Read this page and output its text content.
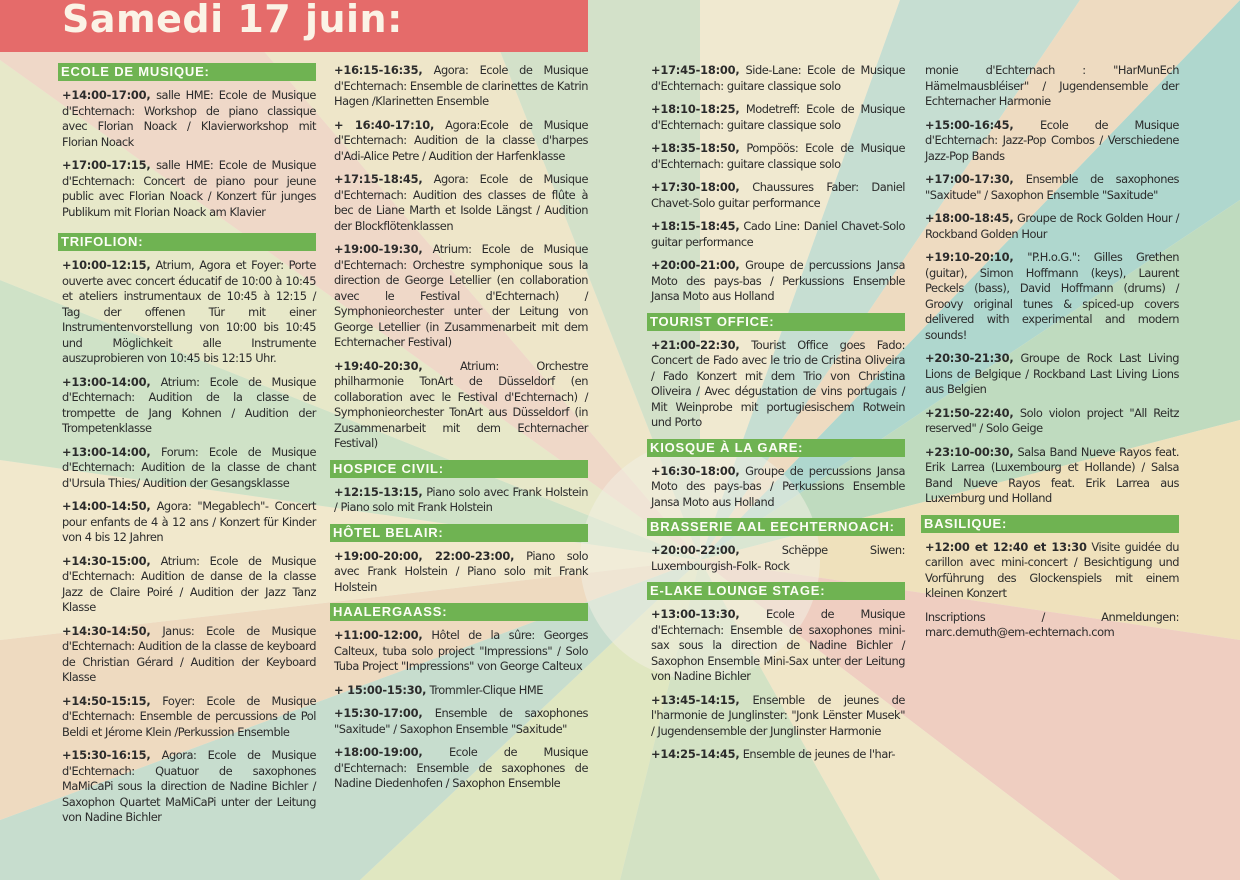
Samedi 17 juin:
ECOLE DE MUSIQUE:
+14:00-17:00, salle HME: Ecole de Musique d'Echternach: Workshop de piano classique avec Florian Noack / Klavierworkshop mit Florian Noack
+17:00-17:15, salle HME: Ecole de Musique d'Echternach: Concert de piano pour jeune public avec Florian Noack / Konzert für junges Publikum mit Florian Noack am Klavier
TRIFOLION:
+10:00-12:15, Atrium, Agora et Foyer: Porte ouverte avec concert éducatif de 10:00 à 10:45 et ateliers instrumentaux de 10:45 à 12:15 / Tag der offenen Tür mit einer Instrumentenvorstellung von 10:00 bis 10:45 und Möglichkeit alle Instrumente auszuprobieren von 10:45 bis 12:15 Uhr.
+13:00-14:00, Atrium: Ecole de Musique d'Echternach: Audition de la classe de trompette de Jang Kohnen / Audition der Trompetenklasse
+13:00-14:00, Forum: Ecole de Musique d'Echternach: Audition de la classe de chant d'Ursula Thies/ Audition der Gesangsklasse
+14:00-14:50, Agora: "Megablech"- Concert pour enfants de 4 à 12 ans / Konzert für Kinder von 4 bis 12 Jahren
+14:30-15:00, Atrium: Ecole de Musique d'Echternach: Audition de danse de la classe Jazz de Claire Poiré / Audition der Jazz Tanz Klasse
+14:30-14:50, Janus: Ecole de Musique d'Echternach: Audition de la classe de keyboard de Christian Gérard / Audition der Keyboard Klasse
+14:50-15:15, Foyer: Ecole de Musique d'Echternach: Ensemble de percussions de Pol Beldi et Jérome Klein /Perkussion Ensemble
+15:30-16:15, Agora: Ecole de Musique d'Echternach: Quatuor de saxophones MaMiCaPi sous la direction de Nadine Bichler / Saxophon Quartet MaMiCaPi unter der Leitung von Nadine Bichler
+16:15-16:35, Agora: Ecole de Musique d'Echternach: Ensemble de clarinettes de Katrin Hagen /Klarinetten Ensemble
+ 16:40-17:10, Agora:Ecole de Musique d'Echternach: Audition de la classe d'harpes d'Adi-Alice Petre / Audition der Harfenklasse
+17:15-18:45, Agora: Ecole de Musique d'Echternach: Audition des classes de flûte à bec de Liane Marth et Isolde Längst / Audition der Blockflötenklassen
+19:00-19:30, Atrium: Ecole de Musique d'Echternach: Orchestre symphonique sous la direction de George Letellier (en collaboration avec le Festival d'Echternach) / Symphonieorchester unter der Leitung von George Letellier (in Zusammenarbeit mit dem Echternacher Festival)
+19:40-20:30,	Atrium: Orchestre philharmonie TonArt de Düsseldorf (en collaboration avec le Festival d'Echternach) / Symphonieorchester TonArt aus Düsseldorf (in Zusammenarbeit mit dem Echternacher Festival)
HOSPICE CIVIL:
+12:15-13:15, Piano solo avec Frank Holstein / Piano solo mit Frank Holstein
HÔTEL BELAIR:
+19:00-20:00, 22:00-23:00, Piano solo avec Frank Holstein / Piano solo mit Frank Holstein
HAALERGAASS:
+11:00-12:00, Hôtel de la sûre: Georges Calteux, tuba solo project "Impressions" / Solo Tuba Project "Impressions" von George Calteux
+ 15:00-15:30, Trommler-Clique HME
+15:30-17:00, Ensemble de saxophones "Saxitude" / Saxophon Ensemble "Saxitude"
+18:00-19:00, Ecole de Musique d'Echternach: Ensemble de saxophones de Nadine Diedenhofen / Saxophon Ensemble
+17:45-18:00, Side-Lane: Ecole de Musique d'Echternach: guitare classique solo
+18:10-18:25, Modetreff: Ecole de Musique d'Echternach: guitare classique solo
+18:35-18:50, Pompöös: Ecole de Musique d'Echternach: guitare classique solo
+17:30-18:00, Chaussures Faber: Daniel Chavet-Solo guitar performance
+18:15-18:45, Cado Line: Daniel Chavet-Solo guitar performance
+20:00-21:00, Groupe de percussions Jansa Moto des pays-bas / Perkussions Ensemble Jansa Moto aus Holland
TOURIST OFFICE:
+21:00-22:30, Tourist Office goes Fado: Concert de Fado avec le trio de Cristina Oliveira / Fado Konzert mit dem Trio von Christina Oliveira / Avec dégustation de vins portugais / Mit Weinprobe mit portugiesischem Rotwein und Porto
KIOSQUE À LA GARE:
+16:30-18:00, Groupe de percussions Jansa Moto des pays-bas / Perkussions Ensemble Jansa Moto aus Holland
BRASSERIE AAL EECHTERNOACH:
+20:00-22:00,	Schëppe Siwen: Luxembourgish-Folk- Rock
E-LAKE LOUNGE STAGE:
+13:00-13:30, Ecole de Musique d'Echternach: Ensemble de saxophones mini-sax sous la direction de Nadine Bichler / Saxophon Ensemble Mini-Sax unter der Leitung von Nadine Bichler
+13:45-14:15, Ensemble de jeunes de l'harmonie de Junglinster: "Jonk Lënster Musek" / Jugendensemble der Junglinster Harmonie
+14:25-14:45, Ensemble de jeunes de l'har-
monie d'Echternach : "HarMunEch Hämelmausbléiser" / Jugendensemble der Echternacher Harmonie
+15:00-16:45, Ecole de Musique d'Echternach: Jazz-Pop Combos / Verschiedene Jazz-Pop Bands
+17:00-17:30, Ensemble de saxophones "Saxitude" / Saxophon Ensemble "Saxitude"
+18:00-18:45, Groupe de Rock Golden Hour / Rockband Golden Hour
+19:10-20:10, "P.H.o.G.": Gilles Grethen (guitar), Simon Hoffmann (keys), Laurent Peckels (bass), David Hoffmann (drums) / Groovy original tunes & spiced-up covers delivered with experimental and modern sounds!
+20:30-21:30, Groupe de Rock Last Living Lions de Belgique / Rockband Last Living Lions aus Belgien
+21:50-22:40, Solo violon project "All Reitz reserved" / Solo Geige
+23:10-00:30, Salsa Band Nueve Rayos feat. Erik Larrea (Luxembourg et Hollande) / Salsa Band Nueve Rayos feat. Erik Larrea aus Luxemburg und Holland
BASILIQUE:
+12:00 et 12:40 et 13:30 Visite guidée du carillon avec mini-concert / Besichtigung und Vorführung des Glockenspiels mit einem kleinen Konzert
Inscriptions / Anmeldungen: marc.demuth@em-echternach.com
